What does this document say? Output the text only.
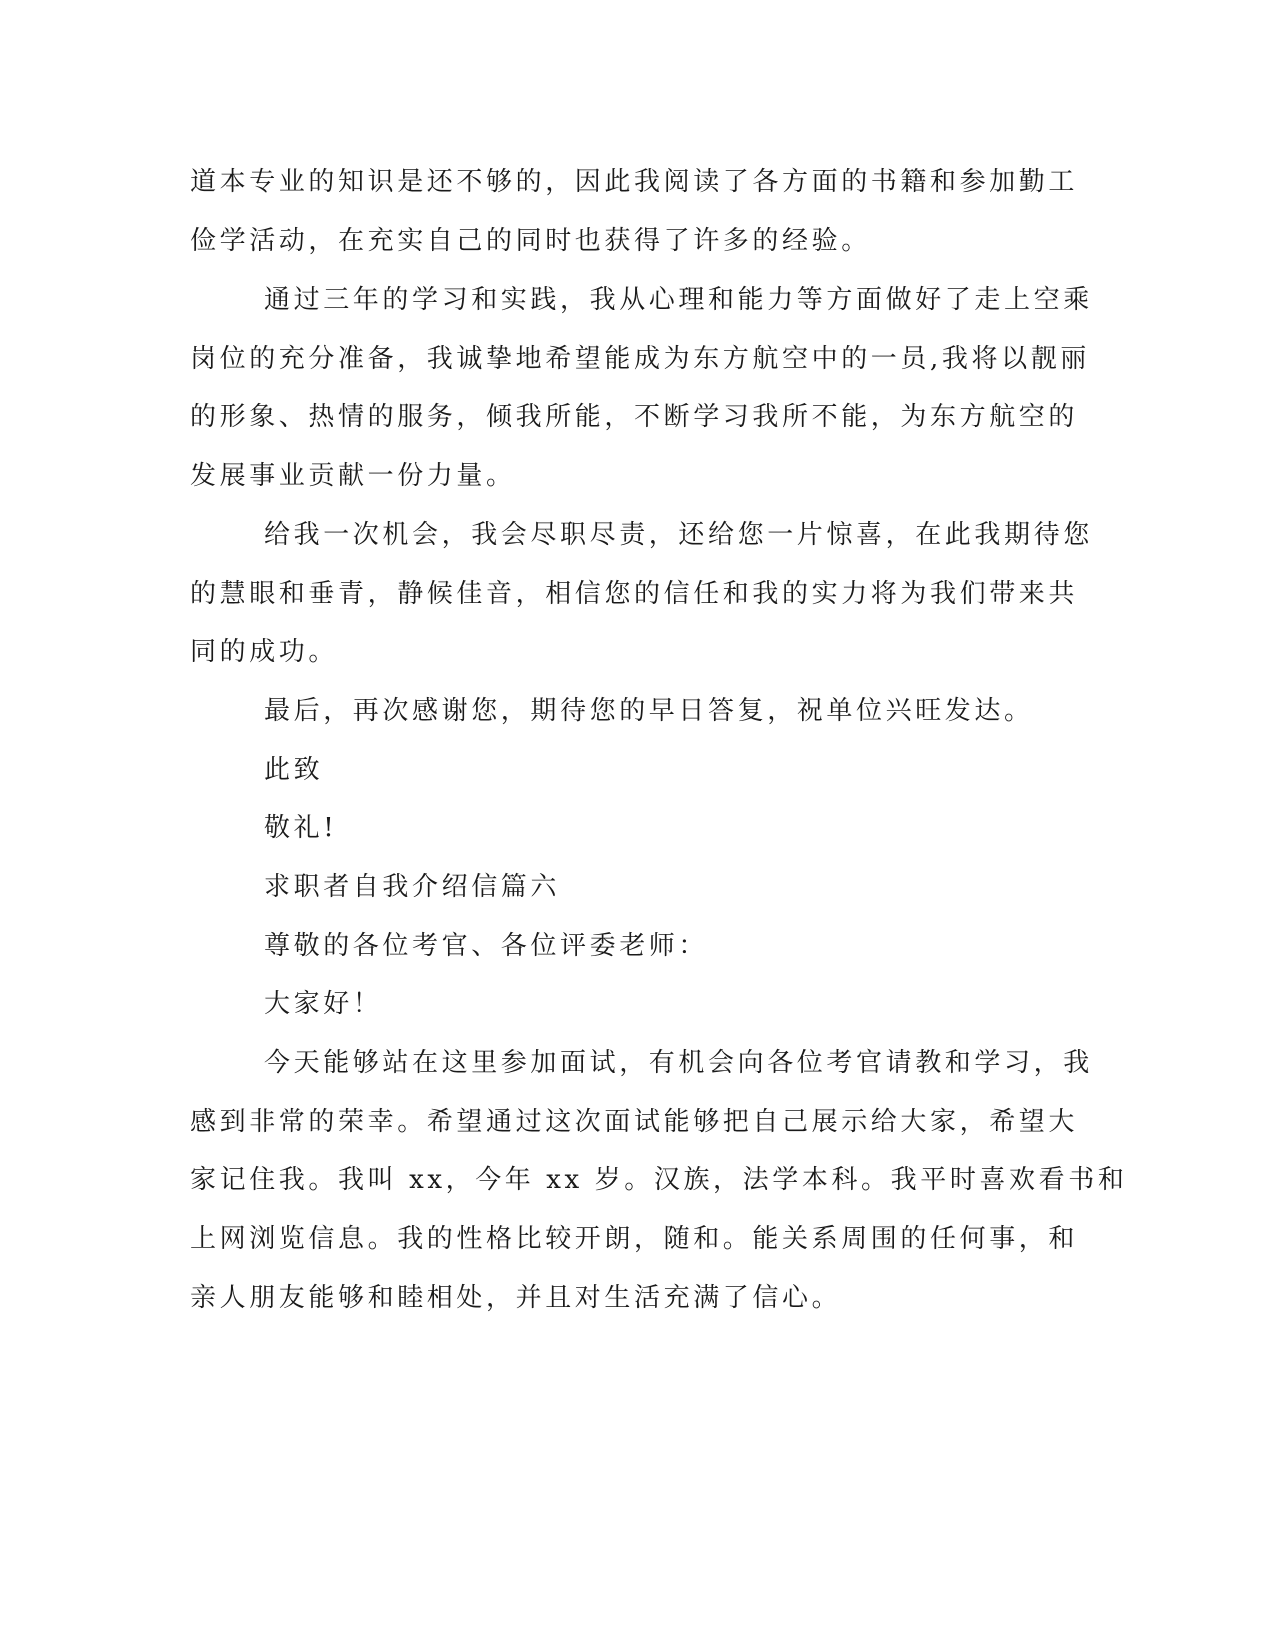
道本专业的知识是还不够的，因此我阅读了各方面的书籍和参加勤工
俭学活动，在充实自己的同时也获得了许多的经验。
通过三年的学习和实践，我从心理和能力等方面做好了走上空乘
岗位的充分准备，我诚挚地希望能成为东方航空中的一员,我将以靓丽
的形象、热情的服务，倾我所能，不断学习我所不能，为东方航空的
发展事业贡献一份力量。
给我一次机会，我会尽职尽责，还给您一片惊喜，在此我期待您
的慧眼和垂青，静候佳音，相信您的信任和我的实力将为我们带来共
同的成功。
最后，再次感谢您，期待您的早日答复，祝单位兴旺发达。
此致
敬礼!
求职者自我介绍信篇六
尊敬的各位考官、各位评委老师：
大家好！
今天能够站在这里参加面试，有机会向各位考官请教和学习，我
感到非常的荣幸。希望通过这次面试能够把自己展示给大家，希望大
家记住我。我叫 xx，今年 xx 岁。汉族，法学本科。我平时喜欢看书和
上网浏览信息。我的性格比较开朗，随和。能关系周围的任何事，和
亲人朋友能够和睦相处，并且对生活充满了信心。
